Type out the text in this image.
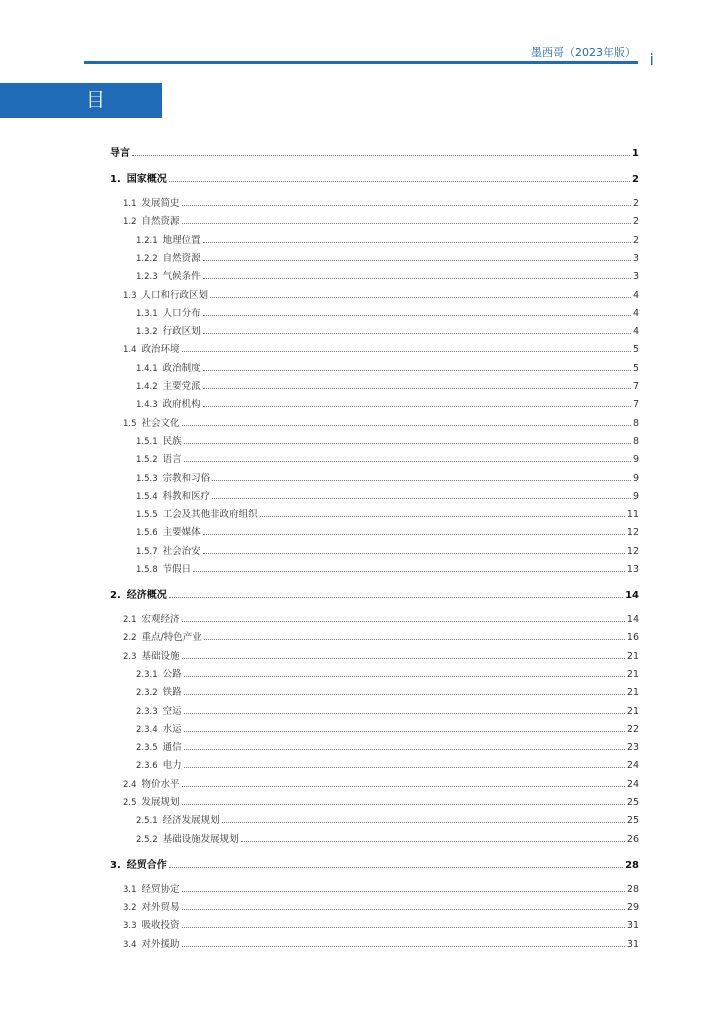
墨西哥（2023年版） i
目 录
导言	1
1. 国家概况	2
1.1 发展简史	2
1.2 自然资源	2
1.2.1 地理位置	2
1.2.2 自然资源	3
1.2.3 气候条件	3
1.3 人口和行政区划	4
1.3.1 人口分布	4
1.3.2 行政区划	4
1.4 政治环境	5
1.4.1 政治制度	5
1.4.2 主要党派	7
1.4.3 政府机构	7
1.5 社会文化	8
1.5.1 民族	8
1.5.2 语言	9
1.5.3 宗教和习俗	9
1.5.4 科教和医疗	9
1.5.5 工会及其他非政府组织	11
1.5.6 主要媒体	12
1.5.7 社会治安	12
1.5.8 节假日	13
2. 经济概况	14
2.1 宏观经济	14
2.2 重点/特色产业	16
2.3 基础设施	21
2.3.1 公路	21
2.3.2 铁路	21
2.3.3 空运	21
2.3.4 水运	22
2.3.5 通信	23
2.3.6 电力	24
2.4 物价水平	24
2.5 发展规划	25
2.5.1 经济发展规划	25
2.5.2 基础设施发展规划	26
3. 经贸合作	28
3.1 经贸协定	28
3.2 对外贸易	29
3.3 吸收投资	31
3.4 对外援助	31
